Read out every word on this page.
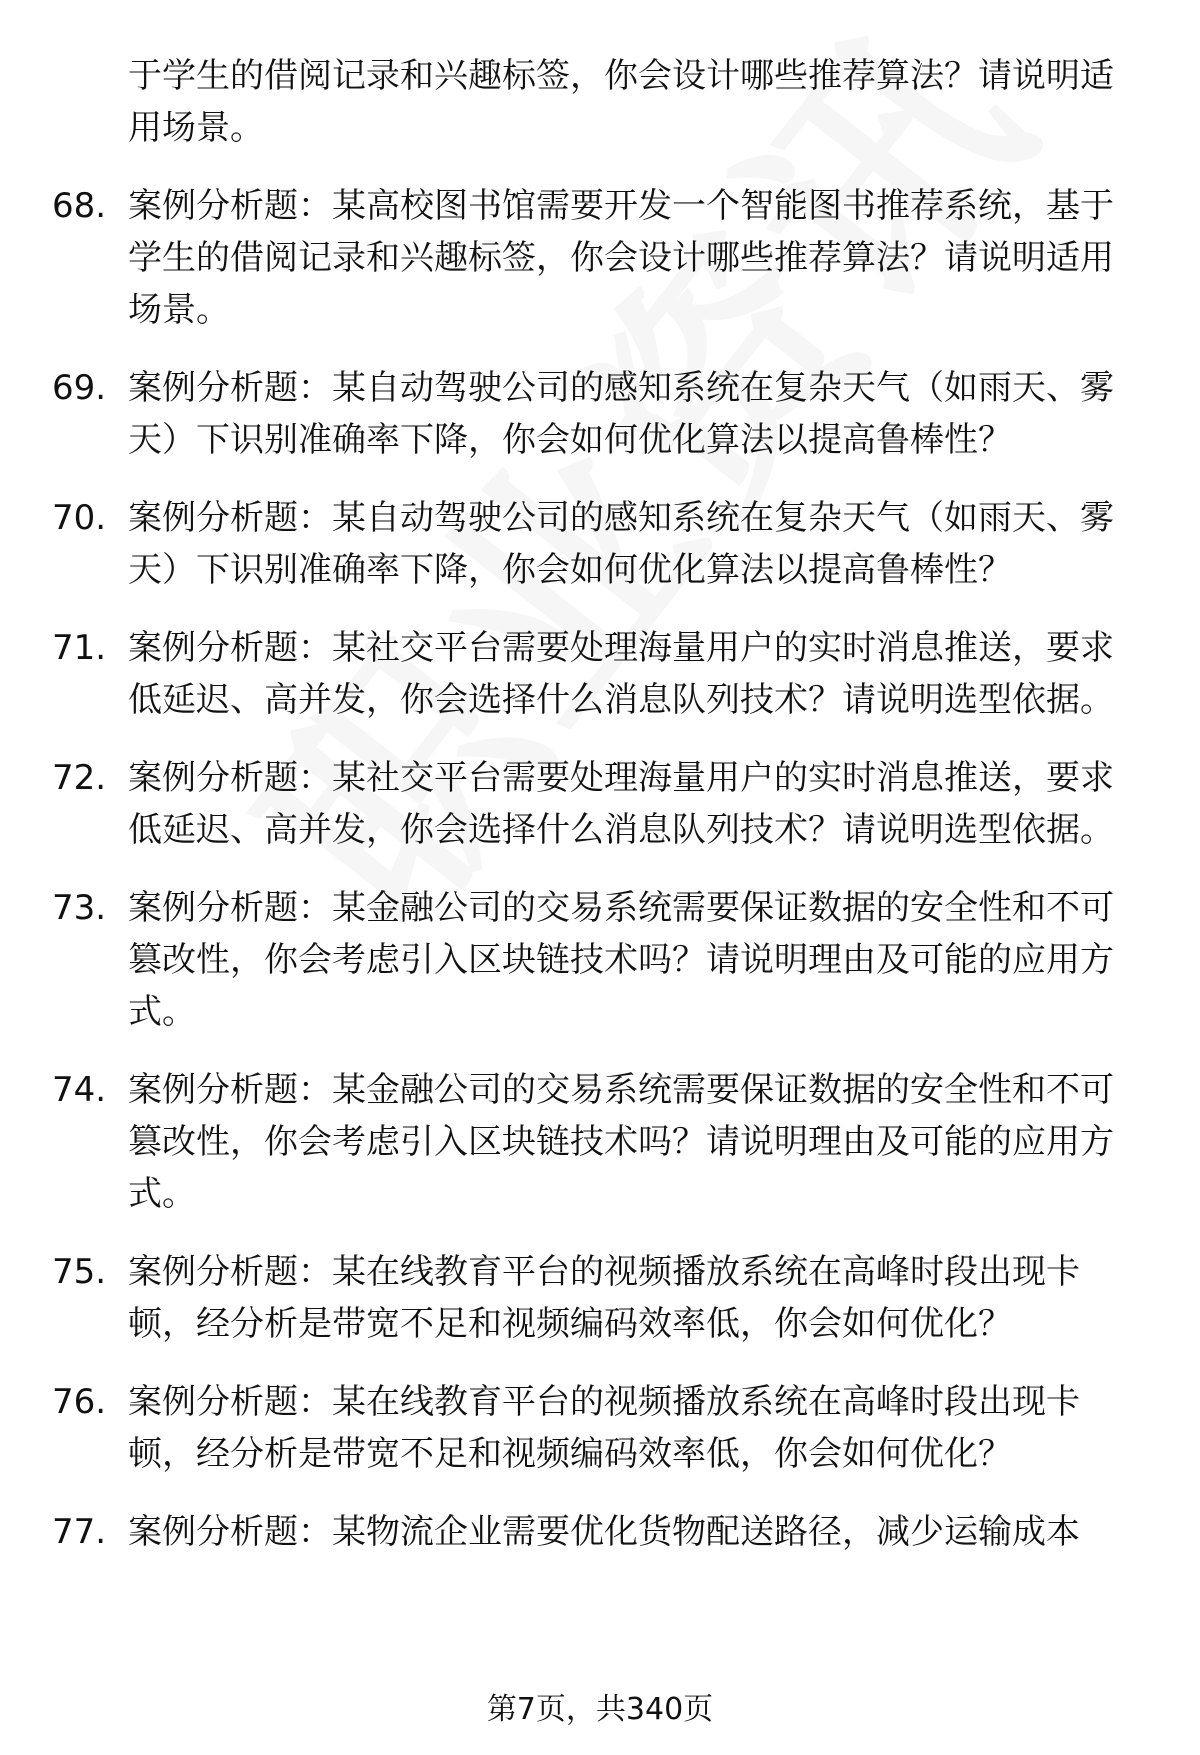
于学生的借阅记录和兴趣标签，你会设计哪些推荐算法？请说明适用场景。
68. 案例分析题：某高校图书馆需要开发一个智能图书推荐系统，基于学生的借阅记录和兴趣标签，你会设计哪些推荐算法？请说明适用场景。
69. 案例分析题：某自动驾驶公司的感知系统在复杂天气（如雨天、雾天）下识别准确率下降，你会如何优化算法以提高鲁棒性？
70. 案例分析题：某自动驾驶公司的感知系统在复杂天气（如雨天、雾天）下识别准确率下降，你会如何优化算法以提高鲁棒性？
71. 案例分析题：某社交平台需要处理海量用户的实时消息推送，要求低延迟、高并发，你会选择什么消息队列技术？请说明选型依据。
72. 案例分析题：某社交平台需要处理海量用户的实时消息推送，要求低延迟、高并发，你会选择什么消息队列技术？请说明选型依据。
73. 案例分析题：某金融公司的交易系统需要保证数据的安全性和不可篡改性，你会考虑引入区块链技术吗？请说明理由及可能的应用方式。
74. 案例分析题：某金融公司的交易系统需要保证数据的安全性和不可篡改性，你会考虑引入区块链技术吗？请说明理由及可能的应用方式。
75. 案例分析题：某在线教育平台的视频播放系统在高峰时段出现卡顿，经分析是带宽不足和视频编码效率低，你会如何优化？
76. 案例分析题：某在线教育平台的视频播放系统在高峰时段出现卡顿，经分析是带宽不足和视频编码效率低，你会如何优化？
77. 案例分析题：某物流企业需要优化货物配送路径，减少运输成本
第7页，共340页
